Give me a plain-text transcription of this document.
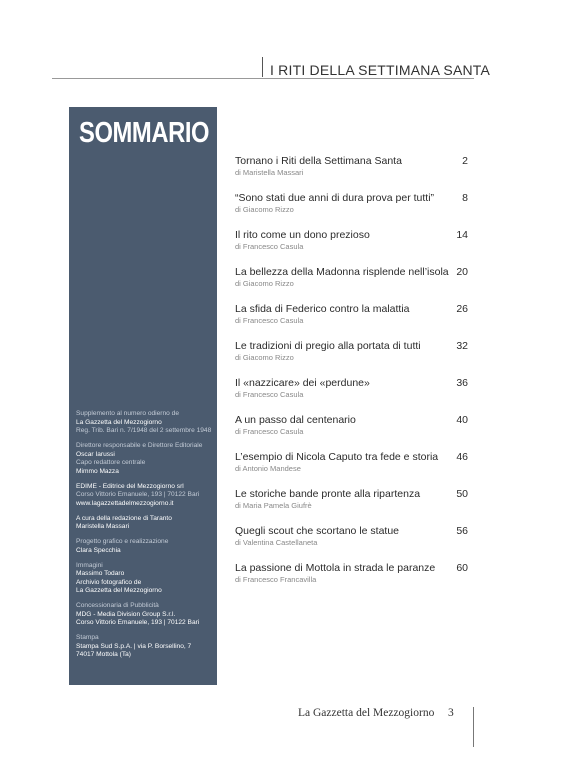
I RITI DELLA SETTIMANA SANTA
SOMMARIO
Supplemento al numero odierno de
La Gazzetta del Mezzogiorno
Reg. Trib. Bari n. 7/1948 del 2 settembre 1948
Direttore responsabile e Direttore Editoriale
Oscar Iarussi
Capo redattore centrale
Mimmo Mazza
EDIME - Editrice del Mezzogiorno srl
Corso Vittorio Emanuele, 193 | 70122 Bari
www.lagazzettadelmezzogiorno.it
A cura della redazione di Taranto
Maristella Massari
Progetto grafico e realizzazione
Clara Specchia
Immagini
Massimo Todaro
Archivio fotografico de
La Gazzetta del Mezzogiorno
Concessionaria di Pubblicità
MDG - Media Division Group S.r.l.
Corso Vittorio Emanuele, 193 | 70122 Bari
Stampa
Stampa Sud S.p.A. | via P. Borsellino, 7
74017 Mottola (Ta)
Tornano i Riti della Settimana Santa
di Maristella Massari
2
“Sono stati due anni di dura prova per tutti”
di Giacomo Rizzo
8
Il rito come un dono prezioso
di Francesco Casula
14
La bellezza della Madonna risplende nell’isola
di Giacomo Rizzo
20
La sfida di Federico contro la malattia
di Francesco Casula
26
Le tradizioni di pregio alla portata di tutti
di Giacomo Rizzo
32
Il «nazzicare» dei «perdune»
di Francesco Casula
36
A un passo dal centenario
di Francesco Casula
40
L’esempio di Nicola Caputo tra fede e storia
di Antonio Mandese
46
Le storiche bande pronte alla ripartenza
di Maria Pamela Giufrè
50
Quegli scout che scortano le statue
di Valentina Castellaneta
56
La passione di Mottola in strada le paranze
di Francesco Francavilla
60
La Gazzetta del Mezzogiorno 3
